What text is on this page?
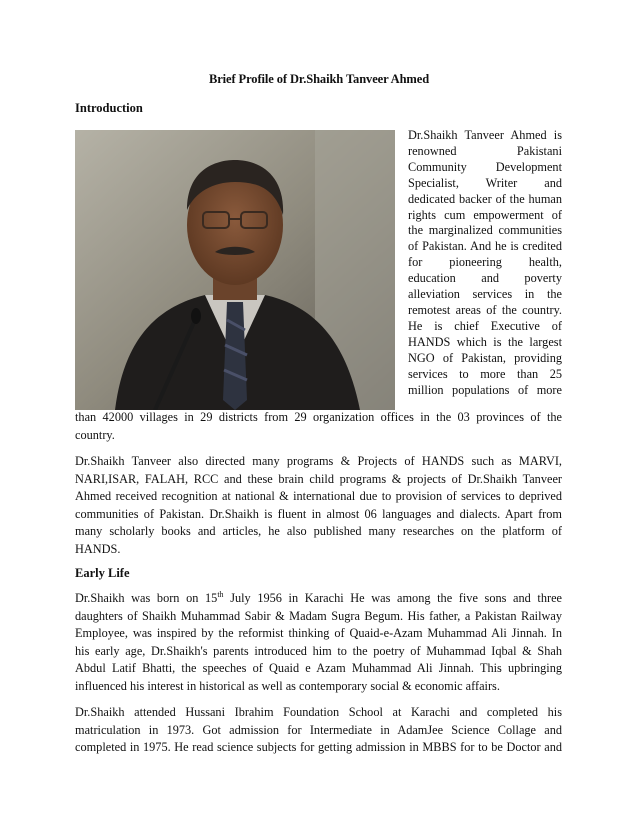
Brief Profile of Dr.Shaikh Tanveer Ahmed
Introduction
Dr.Shaikh Tanveer Ahmed is
renowned Pakistani
Community Development
Specialist, Writer and
dedicated backer of the human
rights cum empowerment of
the marginalized communities
of Pakistan. And he is credited
for pioneering health,
education and poverty
alleviation services in the
remotest areas of the country.
He is chief Executive of
HANDS which is the largest
NGO of Pakistan, providing
services to more than 25
million populations of more
than 42000 villages in 29 districts from 29 organization offices in the 03 provinces of the
country.
Dr.Shaikh Tanveer also directed many programs & Projects of HANDS such as MARVI,
NARI,ISAR, FALAH, RCC and these brain child programs & projects of Dr.Shaikh Tanveer
Ahmed received recognition at national & international due to provision of services to deprived
communities of Pakistan. Dr.Shaikh is fluent in almost 06 languages and dialects. Apart from
many scholarly books and articles, he also published many researches on the platform of
HANDS.
Early Life
Dr.Shaikh was born on 15th July 1956 in Karachi He was among the five sons and three
daughters of Shaikh Muhammad Sabir & Madam Sugra Begum. His father, a Pakistan Railway
Employee, was inspired by the reformist thinking of Quaid-e-Azam Muhammad Ali Jinnah. In
his early age, Dr.Shaikh's parents introduced him to the poetry of Muhammad Iqbal & Shah
Abdul Latif Bhatti, the speeches of Quaid e Azam Muhammad Ali Jinnah. This upbringing
influenced his interest in historical as well as contemporary social & economic affairs.
Dr.Shaikh attended Hussani Ibrahim Foundation School at Karachi and completed his
matriculation in 1973. Got admission for Intermediate in AdamJee Science Collage and
completed in 1975. He read science subjects for getting admission in MBBS for to be Doctor and
